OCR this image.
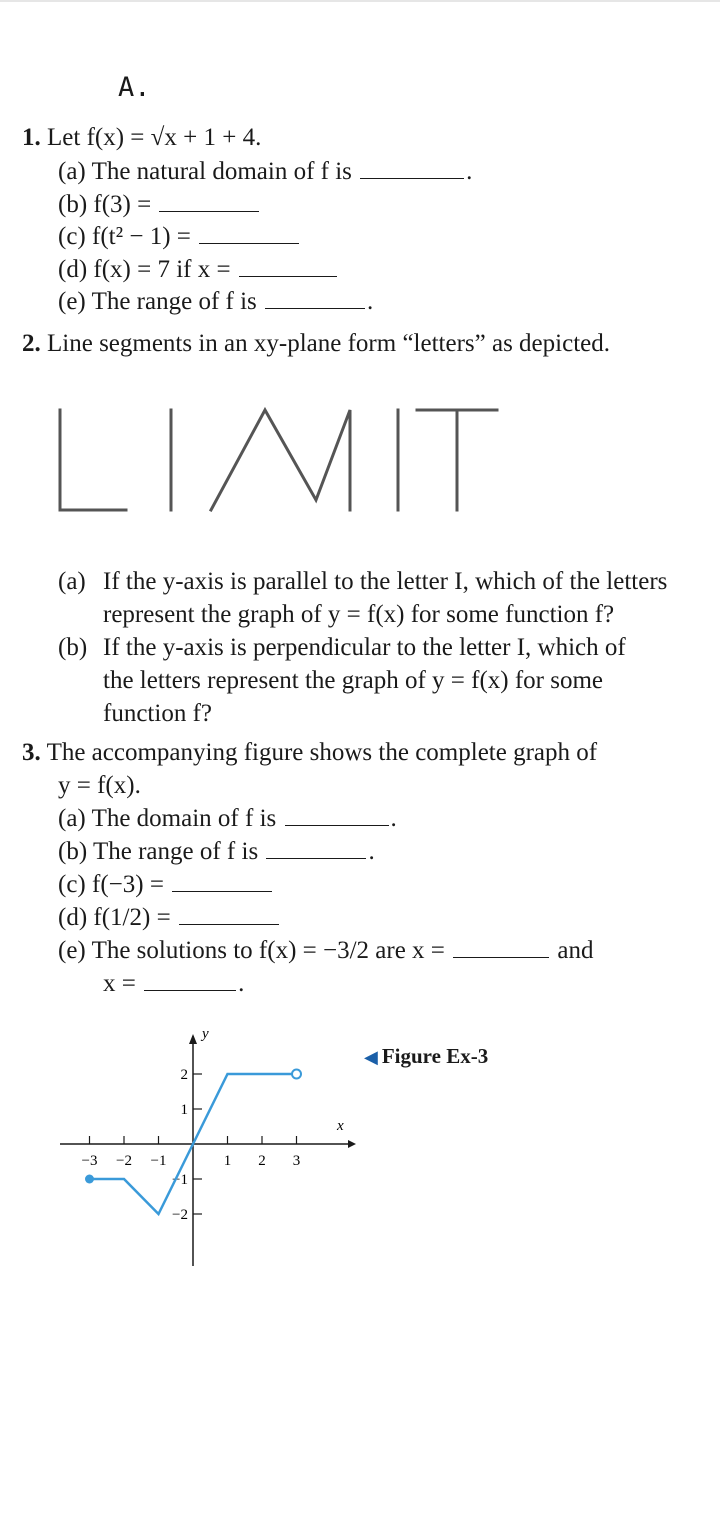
A.
1. Let f(x) = √x + 1 + 4.
(a) The natural domain of f is	.
(b) f(3) =
(c) f(t² − 1) =
(d) f(x) = 7 if x =
(e) The range of f is	.
2. Line segments in an xy-plane form “letters” as depicted.
(a) If the y-axis is parallel to the letter I, which of the letters
represent the graph of y = f(x) for some function f?
(b) If the y-axis is perpendicular to the letter I, which of
the letters represent the graph of y = f(x) for some
function f?
3. The accompanying figure shows the complete graph of
y = f(x).
(a) The domain of f is	.
(b) The range of f is	.
(c) f(−3) =
(d) f(1/2) =
(e) The solutions to f(x) = −3/2 are x =	and
x =	.
x
y
−3 −2 −1	1 2 3
2
1
−1
−2
◀ Figure Ex-3
